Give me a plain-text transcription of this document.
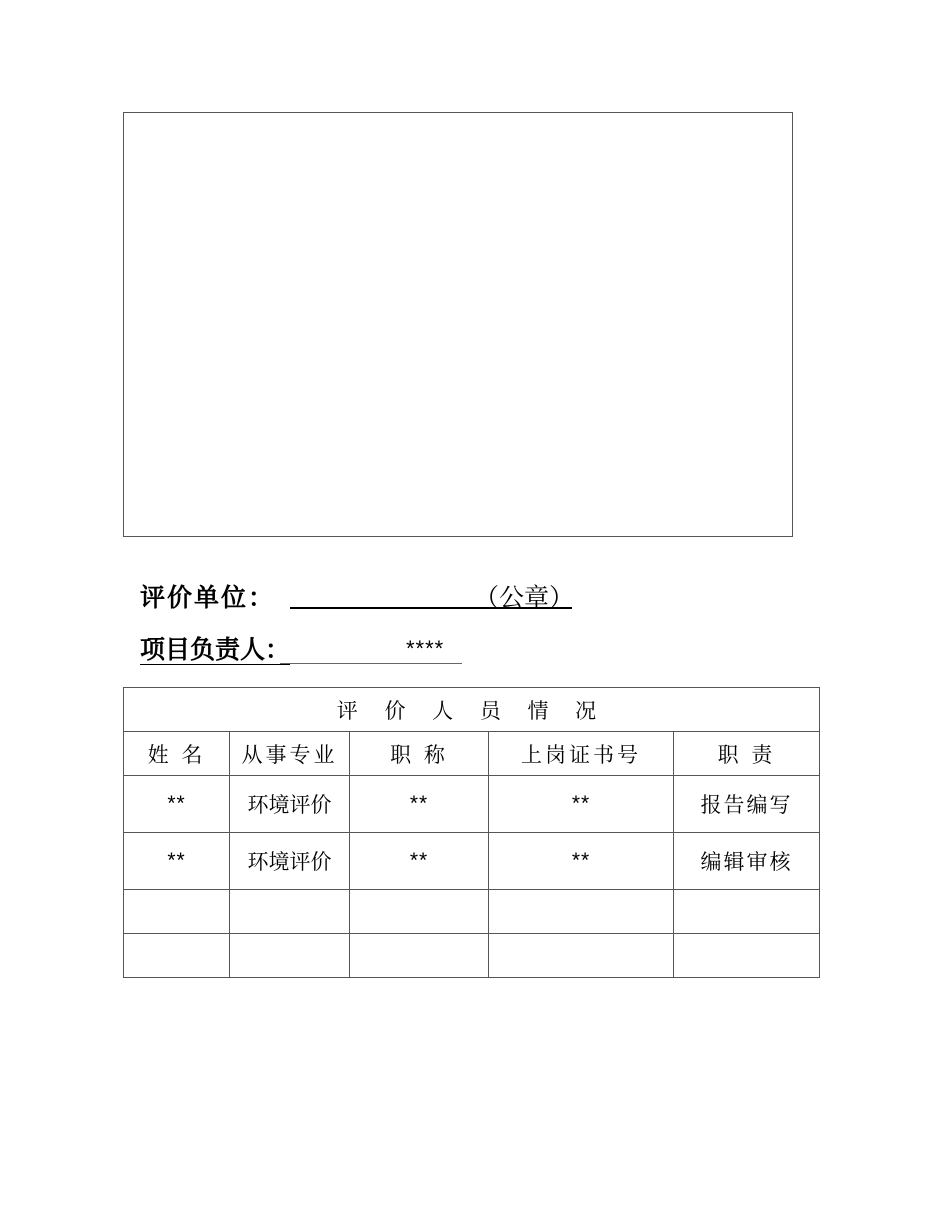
评价单位：	（公章）
项目负责人：	****
评 价 人 员 情 况				
姓 名	从事专业	职 称	上岗证书号	职 责
**	环境评价	**	**	报告编写
**	环境评价	**	**	编辑审核
